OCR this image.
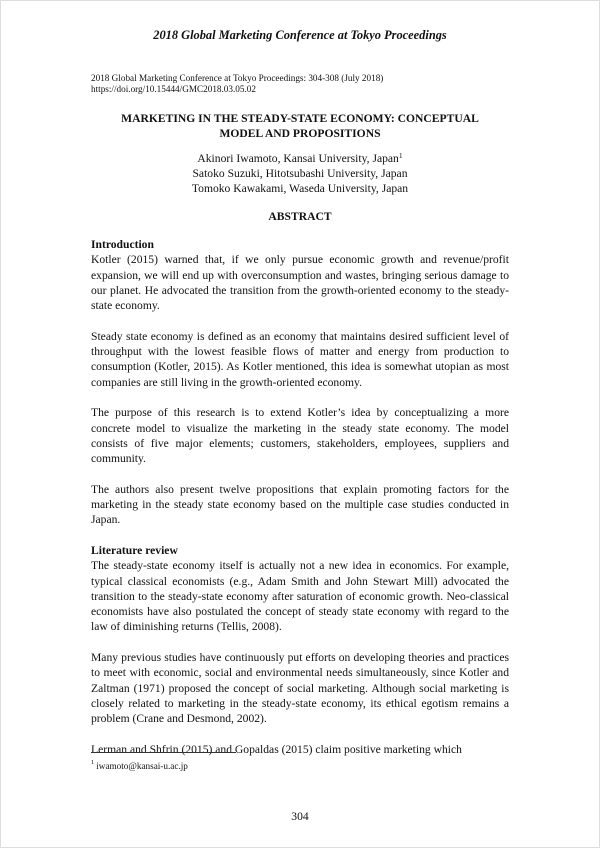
2018 Global Marketing Conference at Tokyo Proceedings
2018 Global Marketing Conference at Tokyo Proceedings: 304-308 (July 2018)
https://doi.org/10.15444/GMC2018.03.05.02
MARKETING IN THE STEADY-STATE ECONOMY: CONCEPTUAL
MODEL AND PROPOSITIONS
Akinori Iwamoto, Kansai University, Japan$^1$
Satoko Suzuki, Hitotsubashi University, Japan
Tomoko Kawakami, Waseda University, Japan
ABSTRACT

Introduction

Kotler (2015) warned that, if we only pursue economic growth and revenue/profit expansion, we will end up with overconsumption and wastes, bringing serious damage to our planet. He advocated the transition from the growth-oriented economy to the steady-state economy.

Steady state economy is defined as an economy that maintains desired sufficient level of throughput with the lowest feasible flows of matter and energy from production to consumption (Kotler, 2015). As Kotler mentioned, this idea is somewhat utopian as most companies are still living in the growth-oriented economy.

The purpose of this research is to extend Kotler’s idea by conceptualizing a more concrete model to visualize the marketing in the steady state economy. The model consists of five major elements; customers, stakeholders, employees, suppliers and community.

The authors also present twelve propositions that explain promoting factors for the marketing in the steady state economy based on the multiple case studies conducted in Japan.

Literature review

The steady-state economy itself is actually not a new idea in economics. For example, typical classical economists (e.g., Adam Smith and John Stewart Mill) advocated the transition to the steady-state economy after saturation of economic growth. Neo-classical economists have also postulated the concept of steady state economy with regard to the law of diminishing returns (Tellis, 2008).

Many previous studies have continuously put efforts on developing theories and practices to meet with economic, social and environmental needs simultaneously, since Kotler and Zaltman (1971) proposed the concept of social marketing. Although social marketing is closely related to marketing in the steady-state economy, its ethical egotism remains a problem (Crane and Desmond, 2002).

Lerman and Shfrin (2015) and Gopaldas (2015) claim positive marketing which

$^1$ iwamoto@kansai-u.ac.jp
304
